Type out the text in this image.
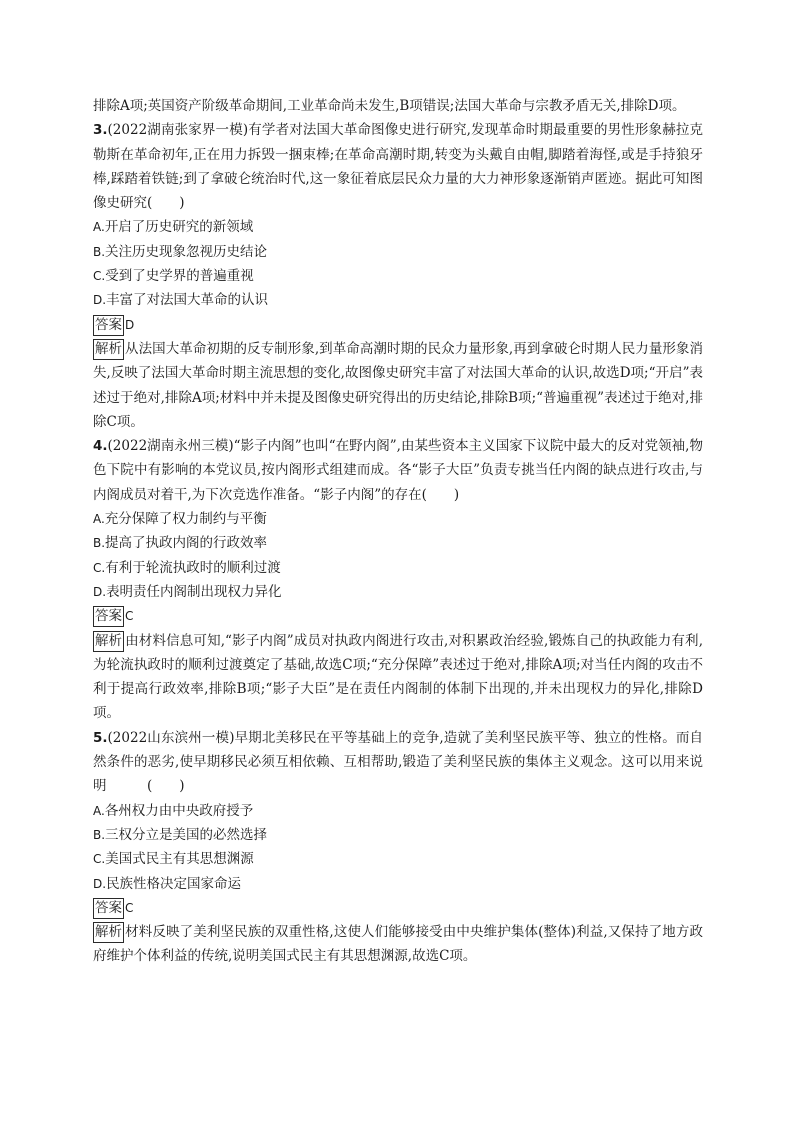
排除A项;英国资产阶级革命期间,工业革命尚未发生,B项错误;法国大革命与宗教矛盾无关,排除D项。

3.(2022湖南张家界一模)有学者对法国大革命图像史进行研究,发现革命时期最重要的男性形象赫拉克勒斯在革命初年,正在用力拆毁一捆束棒;在革命高潮时期,转变为头戴自由帽,脚踏着海怪,或是手持狼牙棒,踩踏着铁链;到了拿破仑统治时代,这一象征着底层民众力量的大力神形象逐渐销声匿迹。据此可知图像史研究(　　)

A.开启了历史研究的新领域

B.关注历史现象忽视历史结论

C.受到了史学界的普遍重视

D.丰富了对法国大革命的认识

答案 D

解析 从法国大革命初期的反专制形象,到革命高潮时期的民众力量形象,再到拿破仑时期人民力量形象消失,反映了法国大革命时期主流思想的变化,故图像史研究丰富了对法国大革命的认识,故选D项;“开启”表述过于绝对,排除A项;材料中并未提及图像史研究得出的历史结论,排除B项;“普遍重视”表述过于绝对,排除C项。

4.(2022湖南永州三模)“影子内阁”也叫“在野内阁”,由某些资本主义国家下议院中最大的反对党领袖,物色下院中有影响的本党议员,按内阁形式组建而成。各“影子大臣”负责专挑当任内阁的缺点进行攻击,与内阁成员对着干,为下次竞选作准备。“影子内阁”的存在(　　)

A.充分保障了权力制约与平衡

B.提高了执政内阁的行政效率

C.有利于轮流执政时的顺利过渡

D.表明责任内阁制出现权力异化

答案 C

解析 由材料信息可知,“影子内阁”成员对执政内阁进行攻击,对积累政治经验,锻炼自己的执政能力有利,为轮流执政时的顺利过渡奠定了基础,故选C项;“充分保障”表述过于绝对,排除A项;对当任内阁的攻击不利于提高行政效率,排除B项;“影子大臣”是在责任内阁制的体制下出现的,并未出现权力的异化,排除D项。

5.(2022山东滨州一模)早期北美移民在平等基础上的竞争,造就了美利坚民族平等、独立的性格。而自然条件的恶劣,使早期移民必须互相依赖、互相帮助,锻造了美利坚民族的集体主义观念。这可以用来说明　　　(　　)

A.各州权力由中央政府授予

B.三权分立是美国的必然选择

C.美国式民主有其思想渊源

D.民族性格决定国家命运

答案 C

解析 材料反映了美利坚民族的双重性格,这使人们能够接受由中央维护集体(整体)利益,又保持了地方政府维护个体利益的传统,说明美国式民主有其思想渊源,故选C项。
